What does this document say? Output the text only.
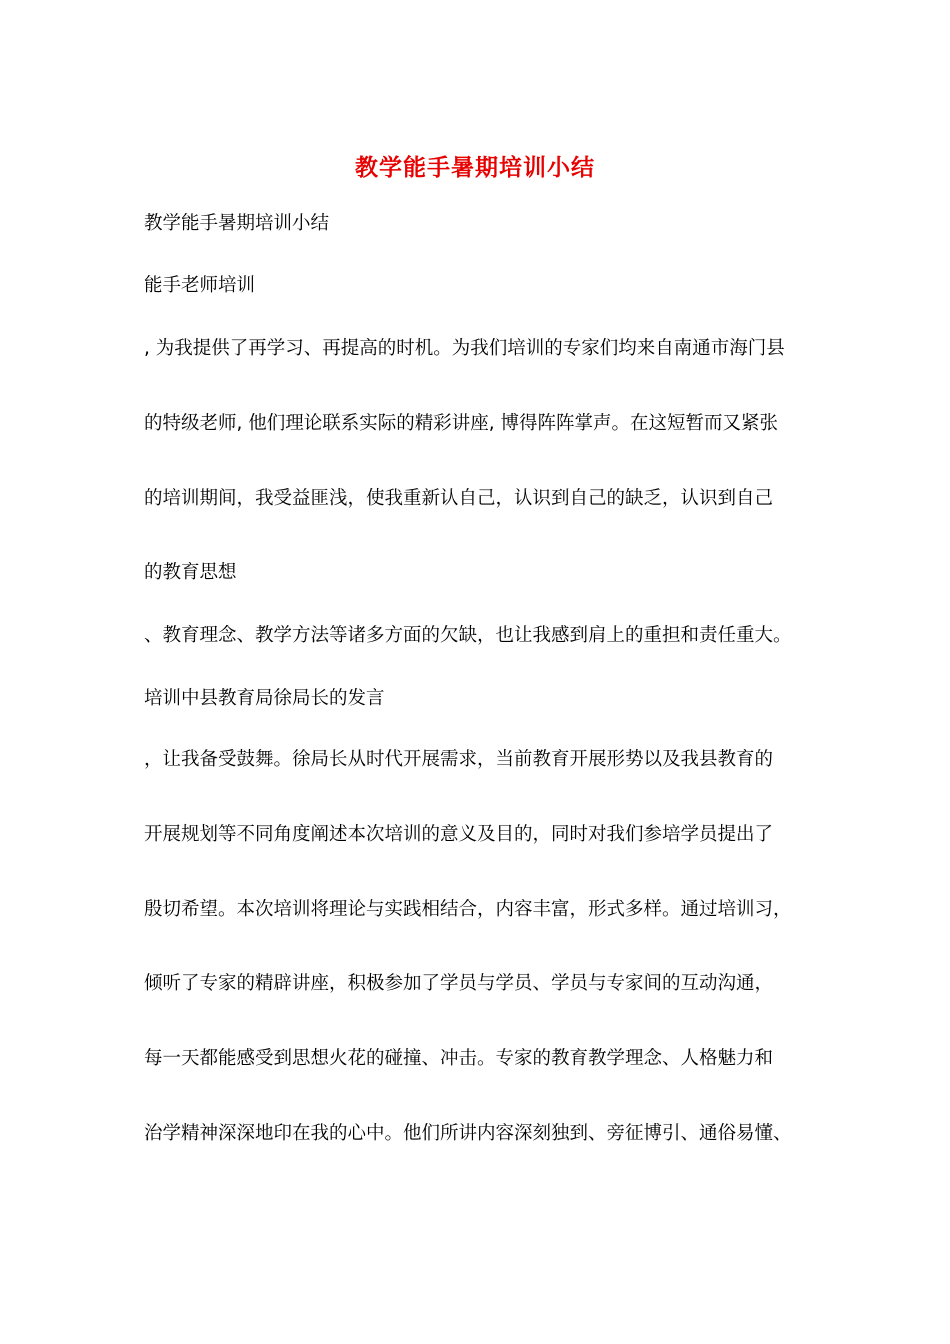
教学能手暑期培训小结
教学能手暑期培训小结
能手老师培训
, 为我提供了再学习、再提高的时机。为我们培训的专家们均来自南通市海门县
的特级老师, 他们理论联系实际的精彩讲座, 博得阵阵掌声。在这短暂而又紧张
的培训期间，我受益匪浅，使我重新认自己，认识到自己的缺乏，认识到自己
的教育思想
、教育理念、教学方法等诸多方面的欠缺，也让我感到肩上的重担和责任重大。
培训中县教育局徐局长的发言
，让我备受鼓舞。徐局长从时代开展需求，当前教育开展形势以及我县教育的
开展规划等不同角度阐述本次培训的意义及目的，同时对我们参培学员提出了
殷切希望。本次培训将理论与实践相结合，内容丰富，形式多样。通过培训习，
倾听了专家的精辟讲座，积极参加了学员与学员、学员与专家间的互动沟通，
每一天都能感受到思想火花的碰撞、冲击。专家的教育教学理念、人格魅力和
治学精神深深地印在我的心中。他们所讲内容深刻独到、旁征博引、通俗易懂、
